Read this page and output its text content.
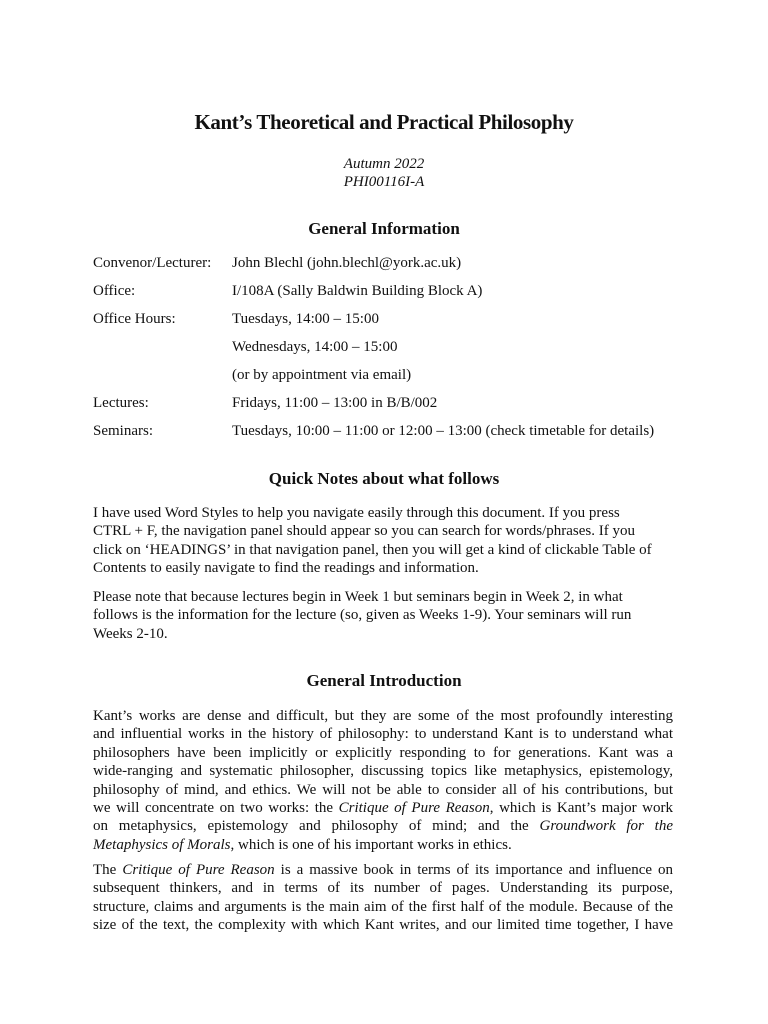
Kant’s Theoretical and Practical Philosophy
Autumn 2022
PHI00116I-A
General Information
Convenor/Lecturer: John Blechl (john.blechl@york.ac.uk)
Office:	I/108A (Sally Baldwin Building Block A)
Office Hours:	Tuesdays, 14:00 – 15:00
Wednesdays, 14:00 – 15:00
(or by appointment via email)
Lectures:	Fridays, 11:00 – 13:00 in B/B/002
Seminars:	Tuesdays, 10:00 – 11:00 or 12:00 – 13:00 (check timetable for details)
Quick Notes about what follows
I have used Word Styles to help you navigate easily through this document. If you press
CTRL + F, the navigation panel should appear so you can search for words/phrases. If you
click on ‘HEADINGS’ in that navigation panel, then you will get a kind of clickable Table of
Contents to easily navigate to find the readings and information.
Please note that because lectures begin in Week 1 but seminars begin in Week 2, in what
follows is the information for the lecture (so, given as Weeks 1-9). Your seminars will run
Weeks 2-10.
General Introduction
Kant’s works are dense and difficult, but they are some of the most profoundly interesting
and influential works in the history of philosophy: to understand Kant is to understand what
philosophers have been implicitly or explicitly responding to for generations. Kant was a
wide-ranging and systematic philosopher, discussing topics like metaphysics, epistemology,
philosophy of mind, and ethics. We will not be able to consider all of his contributions, but
we will concentrate on two works: the Critique of Pure Reason, which is Kant’s major work
on metaphysics, epistemology and philosophy of mind; and the Groundwork for the
Metaphysics of Morals, which is one of his important works in ethics.
The Critique of Pure Reason is a massive book in terms of its importance and influence on
subsequent thinkers, and in terms of its number of pages. Understanding its purpose,
structure, claims and arguments is the main aim of the first half of the module. Because of the
size of the text, the complexity with which Kant writes, and our limited time together, I have
